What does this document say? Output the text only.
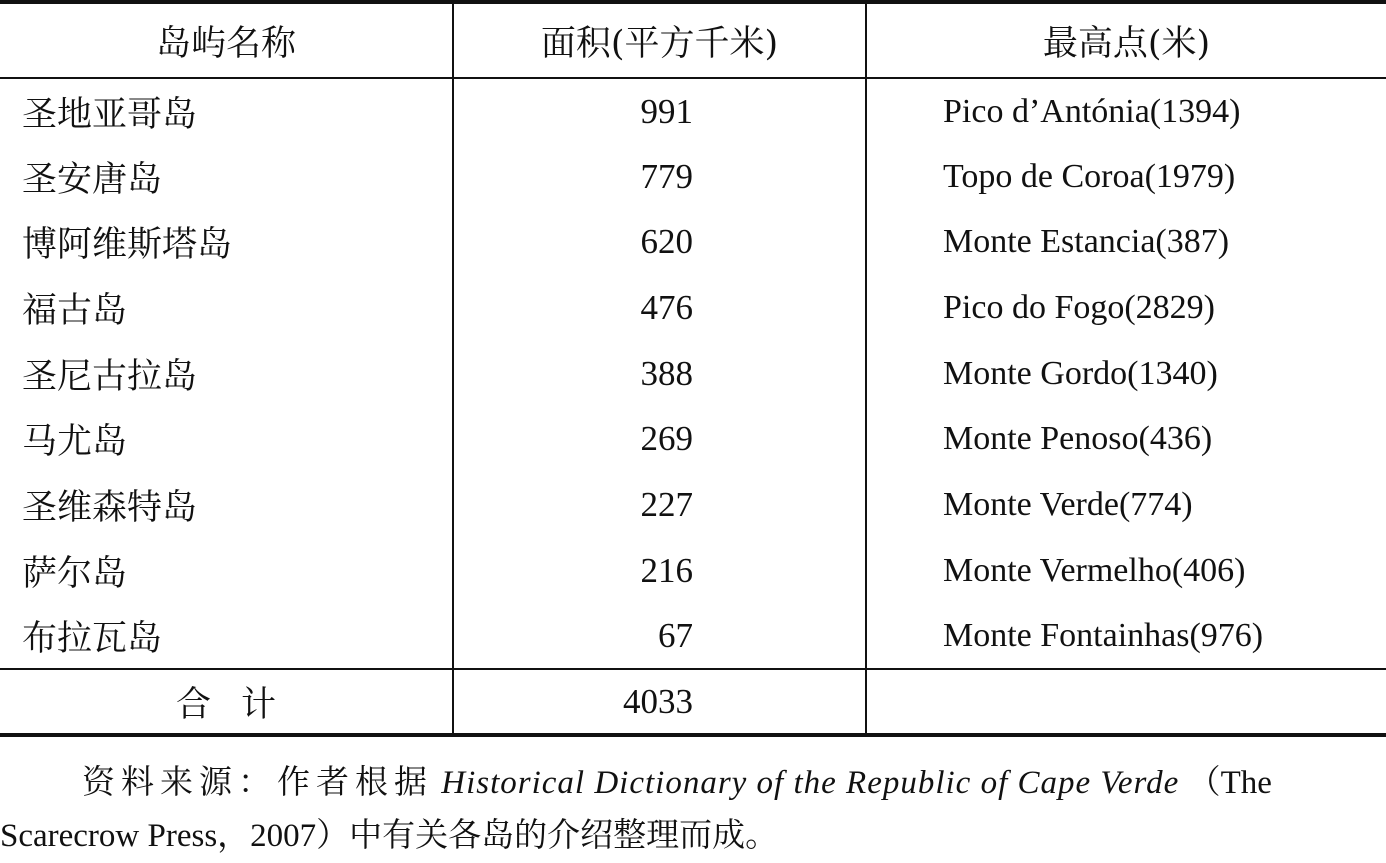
岛屿名称	面积(平方千米)	最高点(米)
圣地亚哥岛	991	Pico d’Antónia(1394)
圣安唐岛	779	Topo de Coroa(1979)
博阿维斯塔岛	620	Monte Estancia(387)
福古岛	476	Pico do Fogo(2829)
圣尼古拉岛	388	Monte Gordo(1340)
马尤岛	269	Monte Penoso(436)
圣维森特岛	227	Monte Verde(774)
萨尔岛	216	Monte Vermelho(406)
布拉瓦岛	67	Monte Fontainhas(976)
合计	4033	
资料来源：作者根据 Historical Dictionary of the Republic of Cape Verde （The Scarecrow Press，2007）中有关各岛的介绍整理而成。
